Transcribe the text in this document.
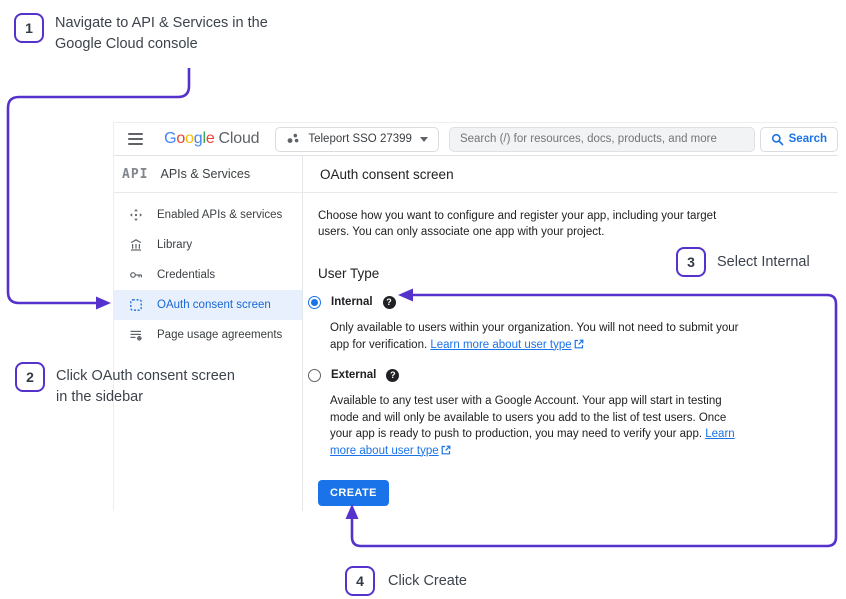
Google Cloud	Teleport SSO 27399
Search (/) for resources, docs, products, and more	Search
API APIs & Services
Enabled APIs & services
Library
Credentials
OAuth consent screen
Page usage agreements
OAuth consent screen

Choose how you want to configure and register your app, including your target users. You can only associate one app with your project.

User Type
Internal	?

Only available to users within your organization. You will not need to submit your app for verification. Learn more about user type

External	?

Available to any test user with a Google Account. Your app will start in testing mode and will only be available to users you add to the list of test users. Once your app is ready to push to production, you may need to verify your app. Learn more about user type

CREATE
1 Navigate to API & Services in the
Google Cloud console
2 Click OAuth consent screen
in the sidebar
3 Select Internal
4 Click Create
